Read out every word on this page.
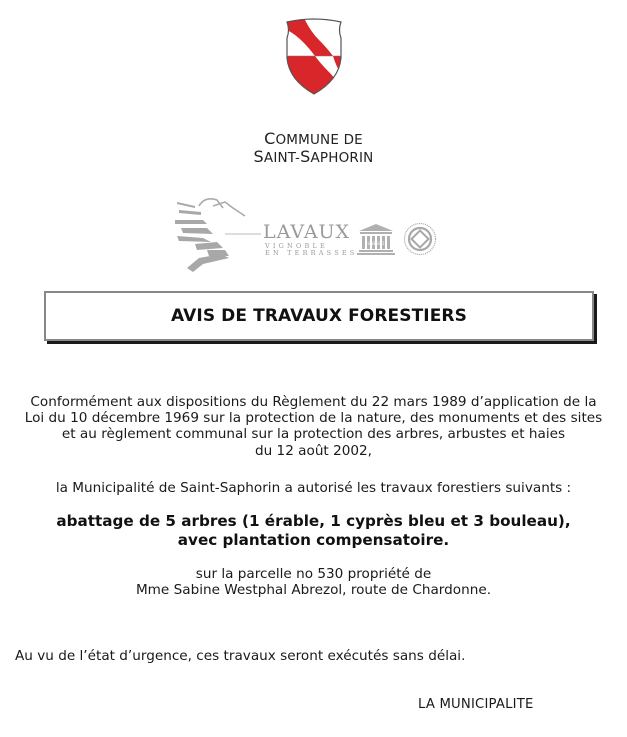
COMMUNE DE
SAINT-SAPHORIN
LAVAUX
VIGNOBLE
EN TERRASSES
UNESCO
AVIS DE TRAVAUX FORESTIERS
Conformément aux dispositions du Règlement du 22 mars 1989 d’application de la
Loi du 10 décembre 1969 sur la protection de la nature, des monuments et des sites
et au règlement communal sur la protection des arbres, arbustes et haies
du 12 août 2002,
la Municipalité de Saint-Saphorin a autorisé les travaux forestiers suivants :
abattage de 5 arbres (1 érable, 1 cyprès bleu et 3 bouleau),
avec plantation compensatoire.
sur la parcelle no 530 propriété de
Mme Sabine Westphal Abrezol, route de Chardonne.
Au vu de l’état d’urgence, ces travaux seront exécutés sans délai.
LA MUNICIPALITE
